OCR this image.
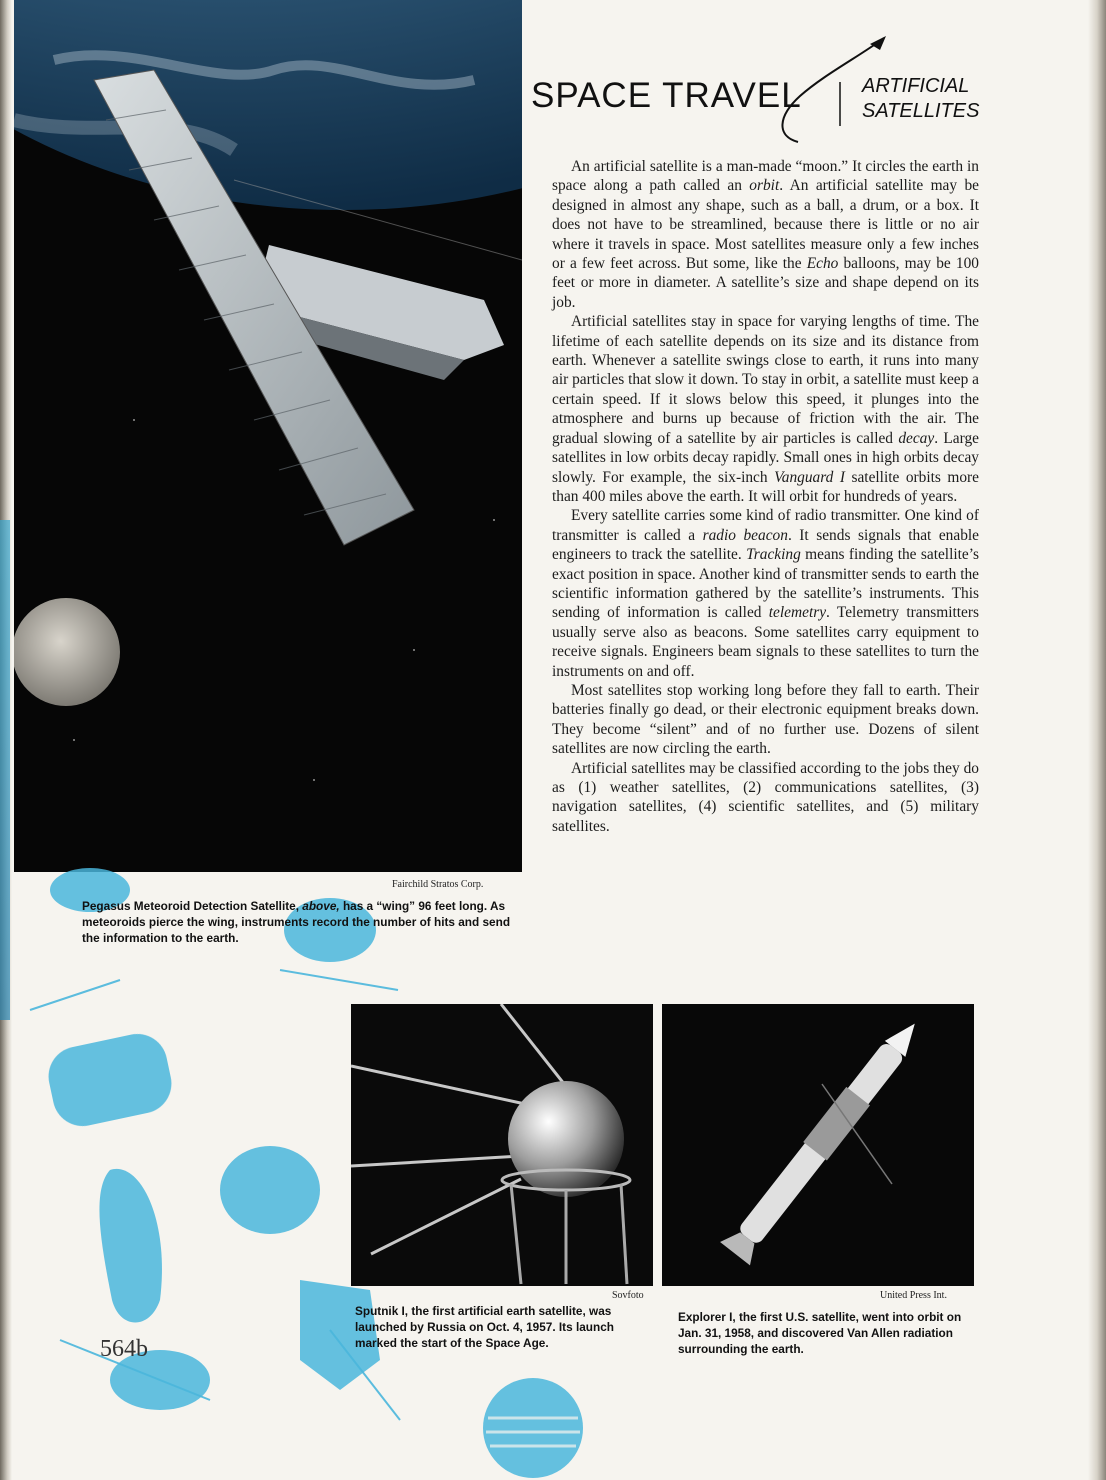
Fairchild Stratos Corp.
SPACE TRAVEL	ARTIFICIAL
SATELLITES

An artificial satellite is a man-made “moon.” It circles the earth in space along a path called an orbit. An artificial satellite may be designed in almost any shape, such as a ball, a drum, or a box. It does not have to be streamlined, because there is little or no air where it travels in space. Most satellites measure only a few inches or a few feet across. But some, like the Echo balloons, may be 100 feet or more in diameter. A satellite’s size and shape depend on its job.

Artificial satellites stay in space for varying lengths of time. The lifetime of each satellite depends on its size and its distance from earth. Whenever a satellite swings close to earth, it runs into many air particles that slow it down. To stay in orbit, a satellite must keep a certain speed. If it slows below this speed, it plunges into the atmosphere and burns up because of friction with the air. The gradual slowing of a satellite by air particles is called decay. Large satellites in low orbits decay rapidly. Small ones in high orbits decay slowly. For example, the six-inch Vanguard I satellite orbits more than 400 miles above the earth. It will orbit for hundreds of years.

Every satellite carries some kind of radio transmitter. One kind of transmitter is called a radio beacon. It sends signals that enable engineers to track the satellite. Tracking means finding the satellite’s exact position in space. Another kind of transmitter sends to earth the scientific information gathered by the satellite’s instruments. This sending of information is called telemetry. Telemetry transmitters usually serve also as beacons. Some satellites carry equipment to receive signals. Engineers beam signals to these satellites to turn the instruments on and off.

Most satellites stop working long before they fall to earth. Their batteries finally go dead, or their electronic equipment breaks down. They become “silent” and of no further use. Dozens of silent satellites are now circling the earth.

Artificial satellites may be classified according to the jobs they do as (1) weather satellites, (2) communications satellites, (3) navigation satellites, (4) scientific satellites, and (5) military satellites.

Pegasus Meteoroid Detection Satellite, above, has a “wing” 96 feet long. As meteoroids pierce the wing, instruments record the number of hits and send the information to the earth.
Sovfoto	United Press Int.
Sputnik I, the first artificial earth satellite, was launched by Russia on Oct. 4, 1957. Its launch marked the start of the Space Age.
Explorer I, the first U.S. satellite, went into orbit on Jan. 31, 1958, and discovered Van Allen radiation surrounding the earth.
564b
